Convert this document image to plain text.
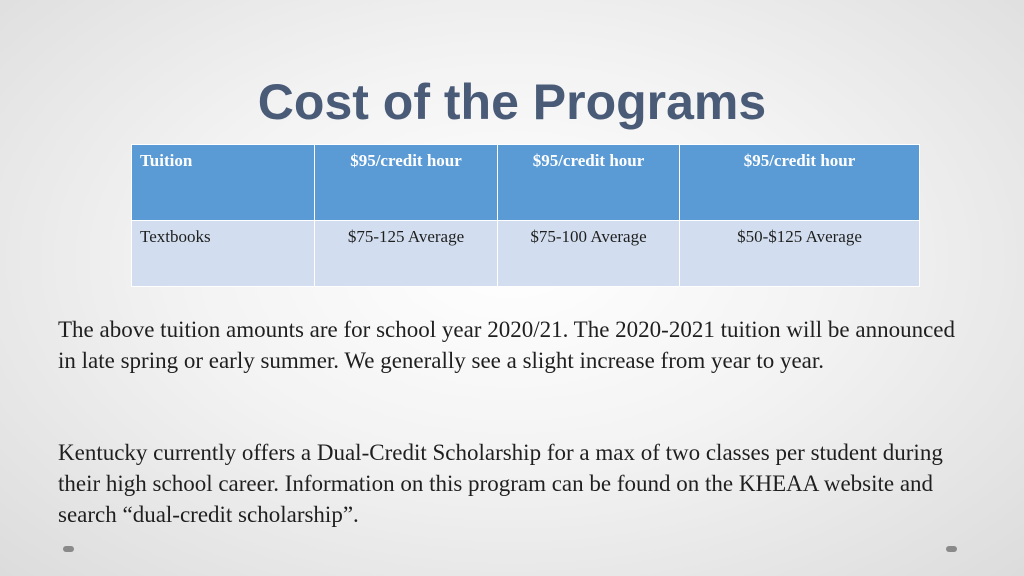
Cost of the Programs
Tuition	$95/credit hour	$95/credit hour	$95/credit hour
Textbooks	$75-125 Average	$75-100 Average	$50-$125 Average

The above tuition amounts are for school year 2020/21. The 2020-2021 tuition will be announced in late spring or early summer. We generally see a slight increase from year to year.

Kentucky currently offers a Dual-Credit Scholarship for a max of two classes per student during their high school career. Information on this program can be found on the KHEAA website and search “dual-credit scholarship”.
